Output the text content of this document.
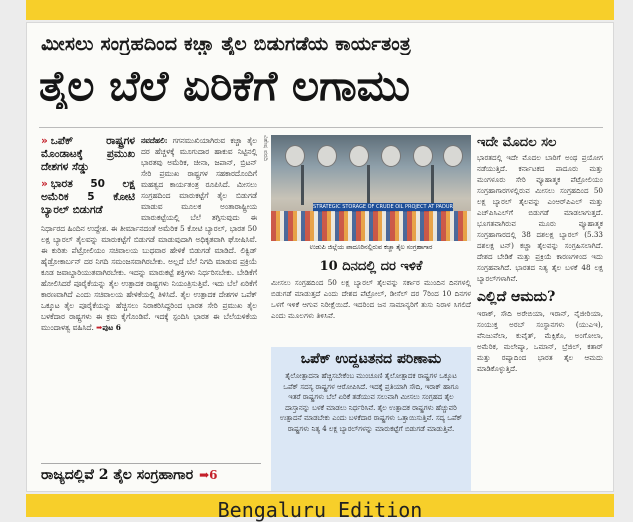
ಮೀಸಲು ಸಂಗ್ರಹದಿಂದ ಕಚ್ಚಾ ತೈಲ ಬಿಡುಗಡೆಯ ಕಾರ್ಯತಂತ್ರ
ತೈಲ ಬೆಲೆ ಏರಿಕೆಗೆ ಲಗಾಮು
» ಒಪೆಕ್ ರಾಷ್ಟ್ರಗಳ ಮೊಂಡಾಟಕ್ಕೆ ಪ್ರಮುಖ ದೇಶಗಳ ಸೆಡ್ಡು
» ಭಾರತ 50 ಲಕ್ಷ ಅಮೆರಿಕ 5 ಕೋಟಿ ಬ್ಯಾರಲ್ ಬಿಡುಗಡೆ
ನವದೆಹಲಿ: ಗಗನಮುಖಿಯಾಗಿರುವ ಕಚ್ಚಾ ತೈಲ ದರ ಹೆಚ್ಚಳಕ್ಕೆ ಮೂಗುದಾರ ಹಾಕುವ ನಿಟ್ಟಿನಲ್ಲಿ ಭಾರತವು ಅಮೆರಿಕ, ಚೀನಾ, ಜಪಾನ್, ಬ್ರಿಟನ್ ಸೇರಿ ಪ್ರಮುಖ ರಾಷ್ಟ್ರಗಳ ಸಹಕಾರದೊಂದಿಗೆ ಮಹತ್ವದ ಕಾರ್ಯತಂತ್ರ ರೂಪಿಸಿದೆ. ಮೀಸಲು ಸಂಗ್ರಹದಿಂದ ಮಾರುಕಟ್ಟೆಗೆ ತೈಲ ಬಿಡುಗಡೆ ಮಾಡುವ ಮೂಲಕ ಅಂತಾರಾಷ್ಟ್ರೀಯ ಮಾರುಕಟ್ಟೆಯಲ್ಲಿ ಬೆಲೆ ತಗ್ಗಿಸುವುದು ಈ ನಿರ್ಧಾರದ ಹಿಂದಿನ ಉದ್ದೇಶ. ಈ ತೀರ್ಮಾನದಂತೆ ಅಮೆರಿಕ 5 ಕೋಟಿ ಬ್ಯಾರಲ್, ಭಾರತ 50 ಲಕ್ಷ ಬ್ಯಾರಲ್ ತೈಲವನ್ನು ಮಾರುಕಟ್ಟೆಗೆ ಬಿಡುಗಡೆ ಮಾಡುವುದಾಗಿ ಅಧಿಕೃತವಾಗಿ ಘೋಷಿಸಿವೆ. ಈ ಕುರಿತು ಪೆಟ್ರೋಲಿಯಂ ಸಚಿವಾಲಯ ಬುಧವಾರ ಹೇಳಿಕೆ ಬಿಡುಗಡೆ ಮಾಡಿದೆ. ಲಿಕ್ವಿಡ್ ಹೈಡ್ರೋಕಾರ್ಬನ್ ದರ ನಿಗದಿ ಸಮಂಜಸವಾಗಿರಬೇಕು. ಅಲ್ಲದೆ ಬೆಲೆ ನಿಗದಿ ಮಾಡುವ ಪ್ರಕ್ರಿಯೆ ಕೂಡ ಜವಾಬ್ದಾರಿಯುತವಾಗಿರಬೇಕು. ಇದನ್ನು ಮಾರುಕಟ್ಟೆ ಶಕ್ತಿಗಳು ನಿರ್ಧರಿಸಬೇಕು. ಬೇಡಿಕೆಗೆ ಹೋಲಿಸಿದರೆ ಪೂರೈಕೆಯನ್ನು ತೈಲ ಉತ್ಪಾದಕ ರಾಷ್ಟ್ರಗಳು ನಿಯಂತ್ರಿಸುತ್ತಿವೆ. ಇದು ಬೆಲೆ ಏರಿಕೆಗೆ ಕಾರಣವಾಗಿದೆ ಎಂದು ಸಚಿವಾಲಯ ಹೇಳಿಕೆಯಲ್ಲಿ ತಿಳಿಸಿದೆ. ತೈಲ ಉತ್ಪಾದಕ ದೇಶಗಳ ಒಪೆಕ್ ಒಕ್ಕೂಟ ತೈಲ ಪೂರೈಕೆಯನ್ನು ಹೆಚ್ಚಿಸಲು ನಿರಾಕರಿಸಿದ್ದರಿಂದ ಭಾರತ ಸೇರಿ ಪ್ರಮುಖ ತೈಲ ಬಳಕೆದಾರ ರಾಷ್ಟ್ರಗಳು ಈ ಕ್ರಮ ಕೈಗೊಂಡಿವೆ. ಇದಕ್ಕೆ ಸ್ಪಂದಿಸಿ ಭಾರತ ಈ ಬೆಲೆಯಳಿಕೆಯ ಮುಂದಾಳತ್ವ ವಹಿಸಿದೆ. ➡ಪುಟ 6
ವಿಶೇಷ ವರದಿ
ರಾಜ್ಯದಲ್ಲಿವೆ 2 ತೈಲ ಸಂಗ್ರಹಾಗಾರ ➡6
STRATEGIC STORAGE OF CRUDE OIL PROJECT AT PADUR
ಉಡುಪಿ ಜಿಲ್ಲೆಯ ಪಾದೂರಿನಲ್ಲಿರುವ ಕಚ್ಚಾ ತೈಲ ಸಂಗ್ರಹಾಗಾರ
10 ದಿನದಲ್ಲಿ ದರ ಇಳಿಕೆ
ಮೀಸಲು ಸಂಗ್ರಹದಿಂದ 50 ಲಕ್ಷ ಬ್ಯಾರಲ್ ತೈಲವನ್ನು ಸರ್ಕಾರ ಮುಂದಿನ ದಿನಗಳಲ್ಲಿ ಬಿಡುಗಡೆ ಮಾಡುತ್ತದೆ ಎಂದು ದೇಶದ ಪೆಟ್ರೋಲ್, ಡೀಸೆಲ್ ದರ 7ರಿಂದ 10 ದಿನಗಳ ಒಳಗೆ ಇಳಿಕೆ ಆಗುವ ನಿರೀಕ್ಷೆಯಿದೆ. ಇದರಿಂದ ಜನ ಸಾಮಾನ್ಯರಿಗೆ ತುಸು ನಿರಾಳ ಸಿಗಲಿದೆ ಎಂದು ಮೂಲಗಳು ತಿಳಿಸಿವೆ.
ಒಪೆಕ್ ಉದ್ದಟತನದ ಪರಿಣಾಮ
ತೈಲೋತ್ಪಾದನಾ ಹೆಚ್ಚಿಸಬೇಕೆಂಬ ಮುಂಚೂಣಿ ತೈಲೋತ್ಪಾದಕ ರಾಷ್ಟ್ರಗಳ ಒಕ್ಕೂಟ ಒಪೆಕ್ ಸದಸ್ಯ ರಾಷ್ಟ್ರಗಳ ಆರೋಪಿಸಿದೆ. ಇದಕ್ಕೆ ಪ್ರತಿಯಾಗಿ ಸೌದಿ, ಇರಾಕ್ ಹಾಗೂ ಇತರೆ ರಾಷ್ಟ್ರಗಳು ಬೆಲೆ ಏರಿಕೆ ತಡೆಯುವ ಸಲುವಾಗಿ ಮೀಸಲು ಸಂಗ್ರಹದ ತೈಲ ದಾಸ್ತಾನನ್ನು ಬಳಕೆ ಮಾಡಲು ನಿರ್ಧರಿಸಿವೆ. ತೈಲ ಉತ್ಪಾದಕ ರಾಷ್ಟ್ರಗಳು ಹೆಚ್ಚುವರಿ ಉತ್ಪಾದನೆ ಮಾಡಬೇಕು ಎಂದು ಬಳಕೆದಾರ ರಾಷ್ಟ್ರಗಳು ಒತ್ತಾಯಿಸುತ್ತಿವೆ. ಸದ್ಯ ಒಪೆಕ್ ರಾಷ್ಟ್ರಗಳು ನಿತ್ಯ 4 ಲಕ್ಷ ಬ್ಯಾರಲ್‌ಗಳನ್ನು ಮಾರುಕಟ್ಟೆಗೆ ಬಿಡುಗಡೆ ಮಾಡುತ್ತಿವೆ.
ಇದೇ ಮೊದಲ ಸಲ
ಭಾರತದಲ್ಲಿ ಇದೇ ಮೊದಲ ಬಾರಿಗೆ ಅಂಥ ಪ್ರಯೋಗ ನಡೆಯುತ್ತಿದೆ. ಕರ್ನಾಟಕದ ಪಾದೂರು ಮತ್ತು ಮಂಗಳೂರು ಸೇರಿ ವ್ಯೂಹಾತ್ಮಕ ಪೆಟ್ರೋಲಿಯಂ ಸಂಗ್ರಹಾಗಾರಗಳಲ್ಲಿರುವ ಮೀಸಲು ಸಂಗ್ರಹದಿಂದ 50 ಲಕ್ಷ ಬ್ಯಾರಲ್ ತೈಲವನ್ನು ಎಂಆರ್‌ಪಿಎಲ್ ಮತ್ತು ಎಚ್‌ಪಿಸಿಎಲ್‌ಗೆ ಬಿಡುಗಡೆ ಮಾಡಲಾಗುತ್ತದೆ. ಭೂಗತವಾಗಿರುವ ಮೂರು ವ್ಯೂಹಾತ್ಮಕ ಸಂಗ್ರಹಾಗಾರದಲ್ಲಿ 38 ದಶಲಕ್ಷ ಬ್ಯಾರಲ್ (5.33 ದಶಲಕ್ಷ ಟನ್) ಕಚ್ಚಾ ತೈಲವನ್ನು ಸಂಗ್ರಹಿಸಲಾಗಿದೆ. ದೇಶದ ಬೇಡಿಕೆ ಮತ್ತು ಪ್ರಕ್ರಿಯೆ ಕಾರಣಗಳಿಂದ ಇದು ಸಂಗ್ರಹವಾಗಿದೆ. ಭಾರತದ ನಿತ್ಯ ತೈಲ ಬಳಕೆ 48 ಲಕ್ಷ ಬ್ಯಾರಲ್‌ಗಳಾಗಿವೆ.
ಎಲ್ಲಿದೆ ಆಮದು?
ಇರಾಕ್, ಸೌದಿ ಅರೇಬಿಯಾ, ಇರಾನ್, ನೈಜೀರಿಯಾ, ಸಂಯುಕ್ತ ಅರಬ್ ಸಂಸ್ಥಾನಗಳು (ಯುಎಇ), ವೆನಿಜುವೆಲಾ, ಕುವೈತ್, ಮೆಕ್ಸಿಕೊ, ಅಂಗೋಲಾ, ಅಮೆರಿಕ, ಮಲೇಷ್ಯಾ, ಒಮಾನ್, ಬ್ರೆಜಿಲ್, ಕತಾರ್ ಮತ್ತು ರಷ್ಯಾದಿಂದ ಭಾರತ ತೈಲ ಆಮದು ಮಾಡಿಕೊಳ್ಳುತ್ತಿದೆ.
Bengaluru Edition
